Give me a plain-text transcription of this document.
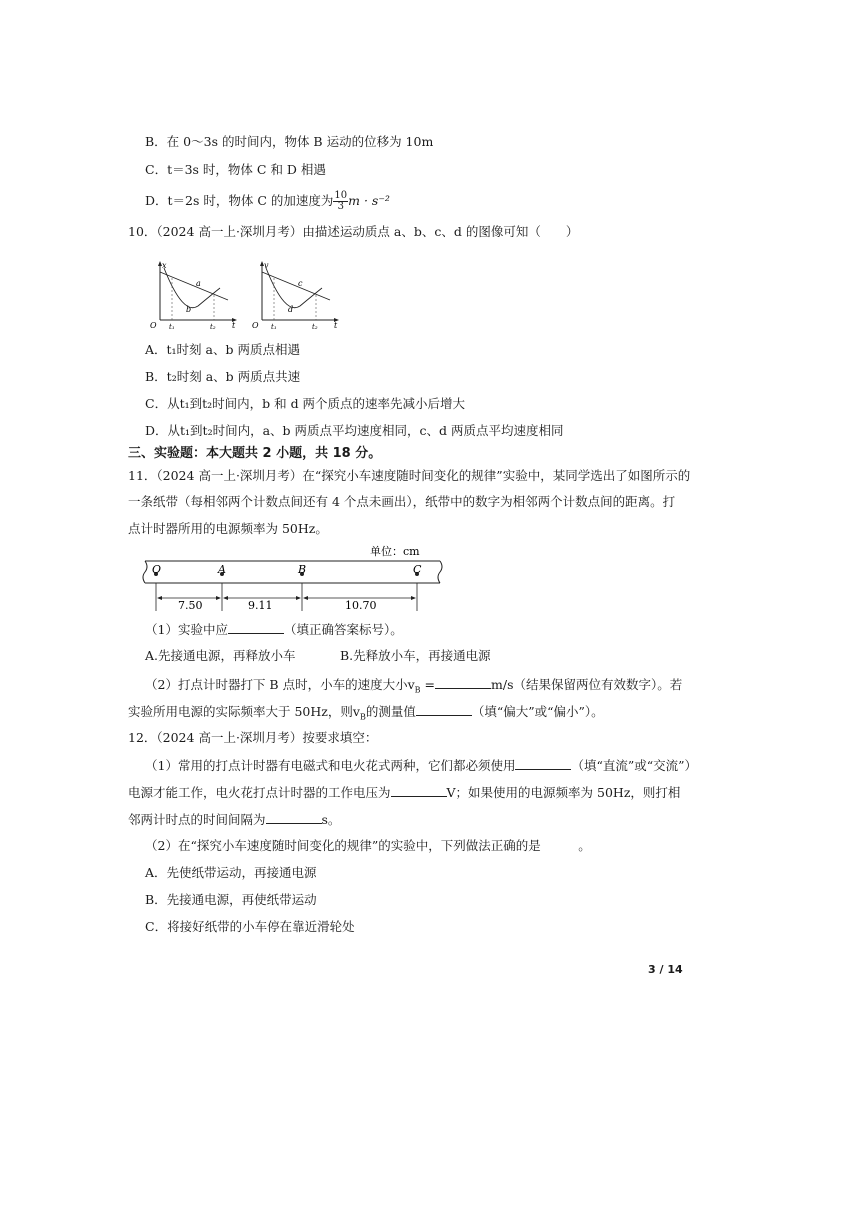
B．在 0～3s 的时间内，物体 B 运动的位移为 10m
C．t＝3s 时，物体 C 和 D 相遇
D．t＝2s 时，物体 C 的加速度为 $\frac{10}{3}$ m · s⁻²
10．（2024 高一上·深圳月考）由描述运动质点 a、b、c、d 的图像可知（　　）
x
a
b
O t₁	t₂ t
v
c
d
O t₁	t₂ t
A．t₁时刻 a、b 两质点相遇
B．t₂时刻 a、b 两质点共速
C．从t₁到t₂时间内，b 和 d 两个质点的速率先减小后增大
D．从t₁到t₂时间内，a、b 两质点平均速度相同，c、d 两质点平均速度相同
三、实验题：本大题共 2 小题，共 18 分。
11．（2024 高一上·深圳月考）在“探究小车速度随时间变化的规律”实验中，某同学选出了如图所示的
一条纸带（每相邻两个计数点间还有 4 个点未画出），纸带中的数字为相邻两个计数点间的距离。打
点计时器所用的电源频率为 50Hz。
单位：cm
O	A	B	C
7.50	9.11	10.70
（1）实验中应	（填正确答案标号）。
A.先接通电源，再释放小车	B.先释放小车，再接通电源
（2）打点计时器打下 B 点时，小车的速度大小$v_B$ =	m/s（结果保留两位有效数字）。若
实验所用电源的实际频率大于 50Hz，则$v_B$的测量值	（填“偏大”或“偏小”）。
12．（2024 高一上·深圳月考）按要求填空：
（1）常用的打点计时器有电磁式和电火花式两种，它们都必须使用	（填“直流”或“交流”）
电源才能工作，电火花打点计时器的工作电压为	V；如果使用的电源频率为 50Hz，则打相
邻两计时点的时间间隔为	s。
（2）在“探究小车速度随时间变化的规律”的实验中，下列做法正确的是　　　。
A．先使纸带运动，再接通电源
B．先接通电源，再使纸带运动
C．将接好纸带的小车停在靠近滑轮处
3 / 14
